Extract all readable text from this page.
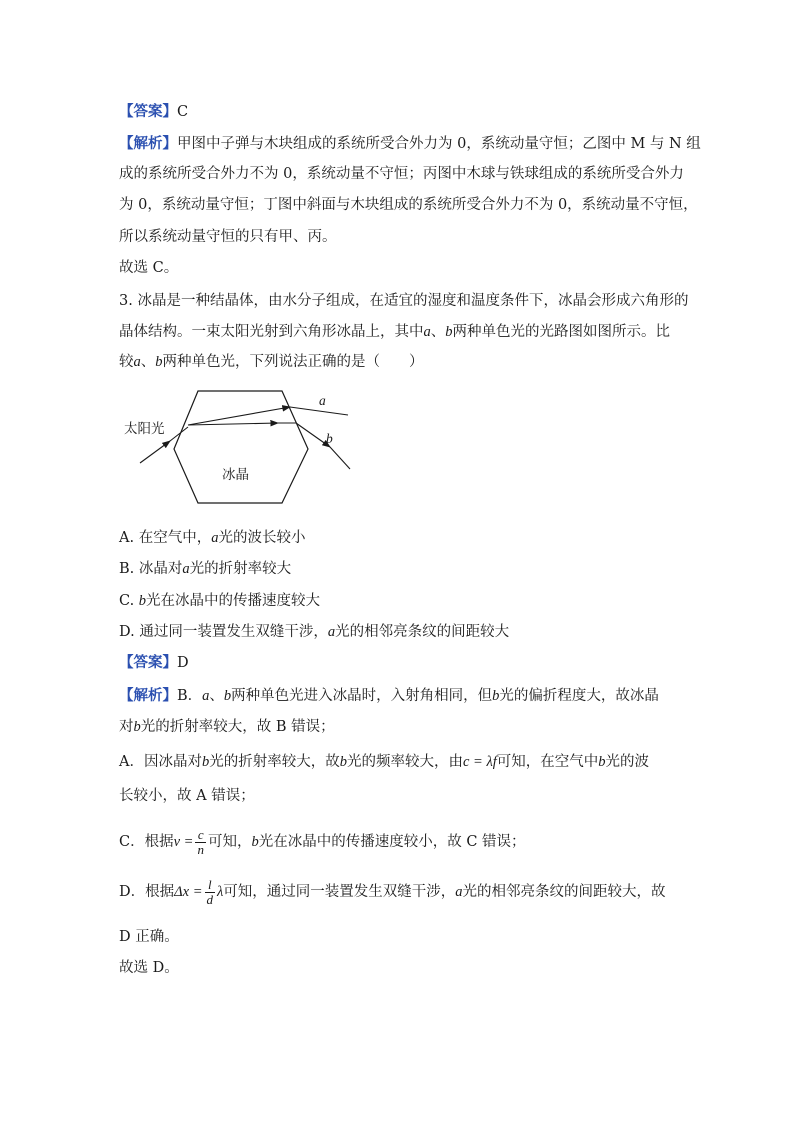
【答案】C
【解析】甲图中子弹与木块组成的系统所受合外力为 0，系统动量守恒；乙图中 M 与 N 组
成的系统所受合外力不为 0，系统动量不守恒；丙图中木球与铁球组成的系统所受合外力
为 0，系统动量守恒；丁图中斜面与木块组成的系统所受合外力不为 0，系统动量不守恒，
所以系统动量守恒的只有甲、丙。
故选 C。
3. 冰晶是一种结晶体，由水分子组成，在适宜的湿度和温度条件下，冰晶会形成六角形的
晶体结构。一束太阳光射到六角形冰晶上，其中a、b两种单色光的光路图如图所示。比
较a、b两种单色光，下列说法正确的是（　　）
太阳光
冰晶
a
b
A. 在空气中，a光的波长较小
B. 冰晶对a光的折射率较大
C. b光在冰晶中的传播速度较大
D. 通过同一装置发生双缝干涉，a光的相邻亮条纹的间距较大
【答案】D
【解析】B．a、b两种单色光进入冰晶时，入射角相同，但b光的偏折程度大，故冰晶
对b光的折射率较大，故 B 错误；
A．因冰晶对b光的折射率较大，故b光的频率较大，由c = λf可知，在空气中b光的波
长较小，故 A 错误；
C．根据$v = \frac{c}{n}$ 可知，b光在冰晶中的传播速度较小，故 C 错误；
D．根据$\Delta x = \frac{l}{d}$ λ可知，通过同一装置发生双缝干涉，a光的相邻亮条纹的间距较大，故
D 正确。
故选 D。
